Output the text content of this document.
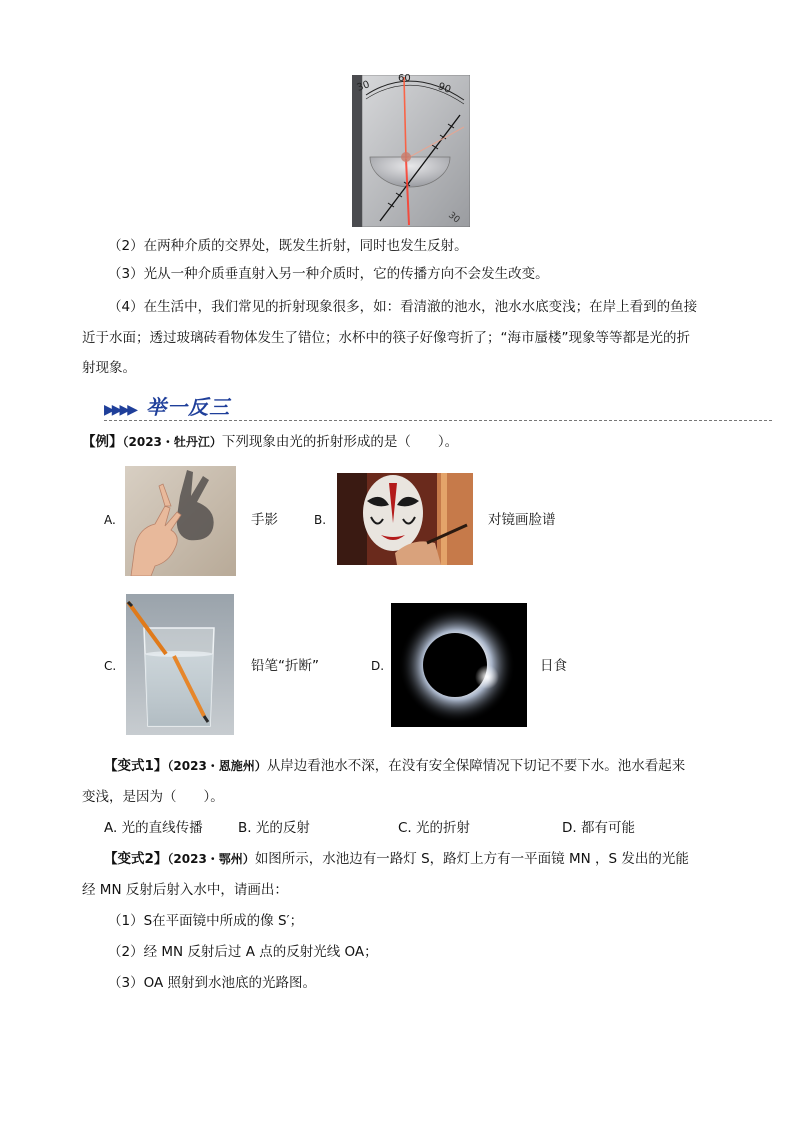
30
60
90
30
（2）在两种介质的交界处，既发生折射，同时也发生反射。
（3）光从一种介质垂直射入另一种介质时，它的传播方向不会发生改变。
（4）在生活中，我们常见的折射现象很多，如：看清澈的池水，池水水底变浅；在岸上看到的鱼接
近于水面；透过玻璃砖看物体发生了错位；水杯中的筷子好像弯折了；“海市蜃楼”现象等等都是光的折
射现象。
▶▶▶▶ 举一反三
【例】（2023・牡丹江）下列现象由光的折射形成的是（　　）。
A.	手影	B.	对镜画脸谱
C.	铅笔“折断”	D.	日食
【变式1】（2023・恩施州）从岸边看池水不深，在没有安全保障情况下切记不要下水。池水看起来
变浅，是因为（　　）。
A. 光的直线传播	B. 光的反射	C. 光的折射	D. 都有可能
【变式2】（2023・鄂州）如图所示，水池边有一路灯 S，路灯上方有一平面镜 MN ，S 发出的光能
经 MN 反射后射入水中，请画出：
（1）S在平面镜中所成的像 S′；
（2）经 MN 反射后过 A 点的反射光线 OA；
（3）OA 照射到水池底的光路图。
